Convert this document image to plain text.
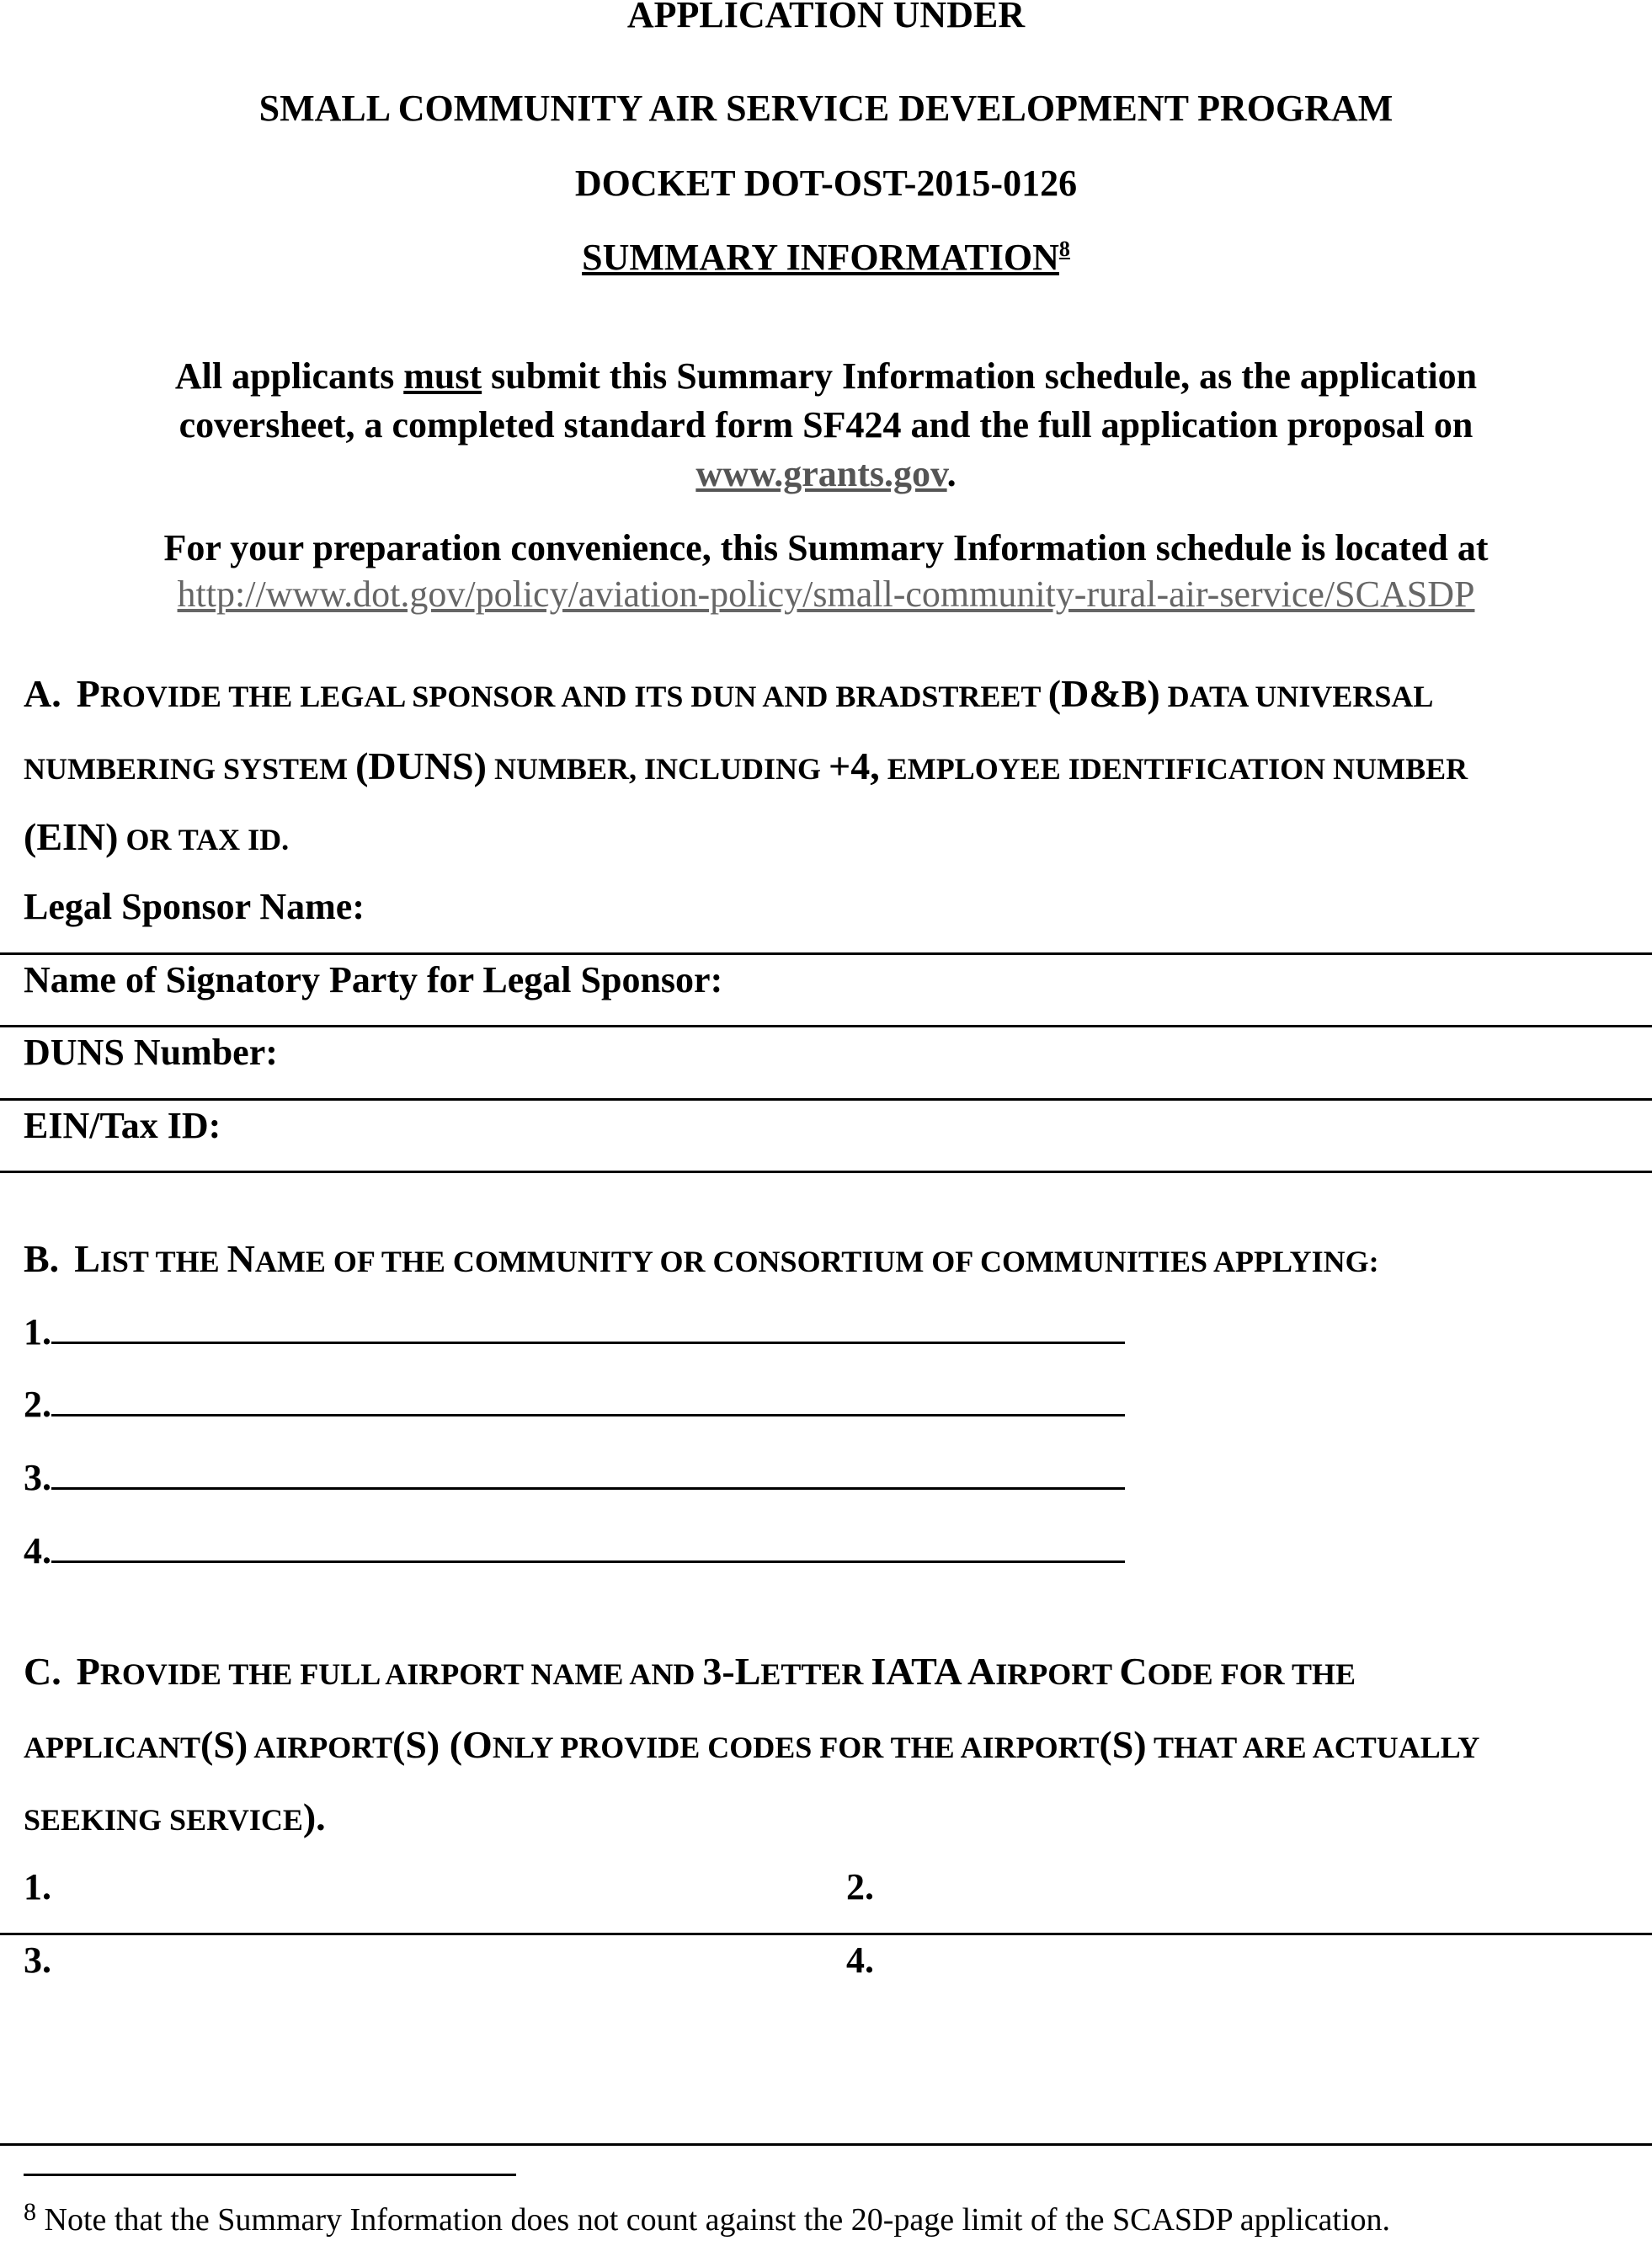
APPLICATION UNDER
SMALL COMMUNITY AIR SERVICE DEVELOPMENT PROGRAM
DOCKET DOT-OST-2015-0126
SUMMARY INFORMATION$^8$
All applicants must submit this Summary Information schedule, as the application coversheet, a completed standard form SF424 and the full application proposal on www.grants.gov.
For your preparation convenience, this Summary Information schedule is located at
http://www.dot.gov/policy/aviation-policy/small-community-rural-air-service/SCASDP
A. PROVIDE THE LEGAL SPONSOR AND ITS DUN AND BRADSTREET (D&B) DATA UNIVERSAL
NUMBERING SYSTEM (DUNS) NUMBER, INCLUDING +4, EMPLOYEE IDENTIFICATION NUMBER
(EIN) OR TAX ID.
Legal Sponsor Name:
Name of Signatory Party for Legal Sponsor:
DUNS Number:
EIN/Tax ID:
B. LIST THE NAME OF THE COMMUNITY OR CONSORTIUM OF COMMUNITIES APPLYING:
1.
2.
3.
4.
C. PROVIDE THE FULL AIRPORT NAME AND 3-LETTER IATA AIRPORT CODE FOR THE
APPLICANT(S) AIRPORT(S) (ONLY PROVIDE CODES FOR THE AIRPORT(S) THAT ARE ACTUALLY
SEEKING SERVICE).
1.	2.
3.	4.
$^8$ Note that the Summary Information does not count against the 20-page limit of the SCASDP application.
